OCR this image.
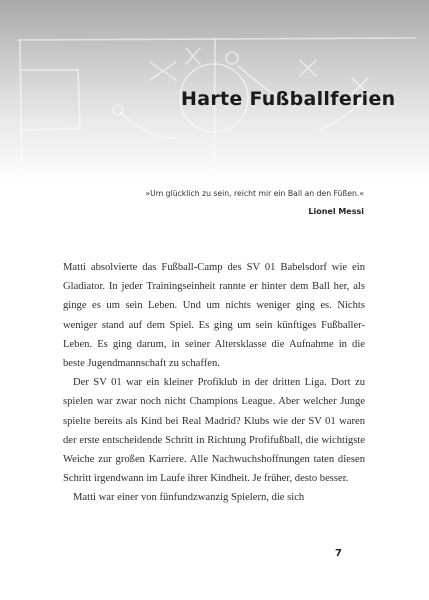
Harte Fußballferien
»Um glücklich zu sein, reicht mir ein Ball an den Füßen.«
Lionel Messi

Matti absolvierte das Fußball-Camp des SV 01 Babelsdorf wie ein Gladiator. In jeder Trainingseinheit rannte er hinter dem Ball her, als ginge es um sein Leben. Und um nichts weniger ging es. Nichts weniger stand auf dem Spiel. Es ging um sein künftiges Fußballer-Leben. Es ging darum, in seiner Altersklasse die Aufnahme in die beste Jugendmannschaft zu schaffen.

Der SV 01 war ein kleiner Profiklub in der dritten Liga. Dort zu spielen war zwar noch nicht Champions League. Aber welcher Junge spielte bereits als Kind bei Real Madrid? Klubs wie der SV 01 waren der erste entscheidende Schritt in Richtung Profifußball, die wichtigste Weiche zur großen Karriere. Alle Nachwuchshoffnungen taten diesen Schritt irgendwann im Laufe ihrer Kindheit. Je früher, desto besser.

Matti war einer von fünfundzwanzig Spielern, die sich

7
